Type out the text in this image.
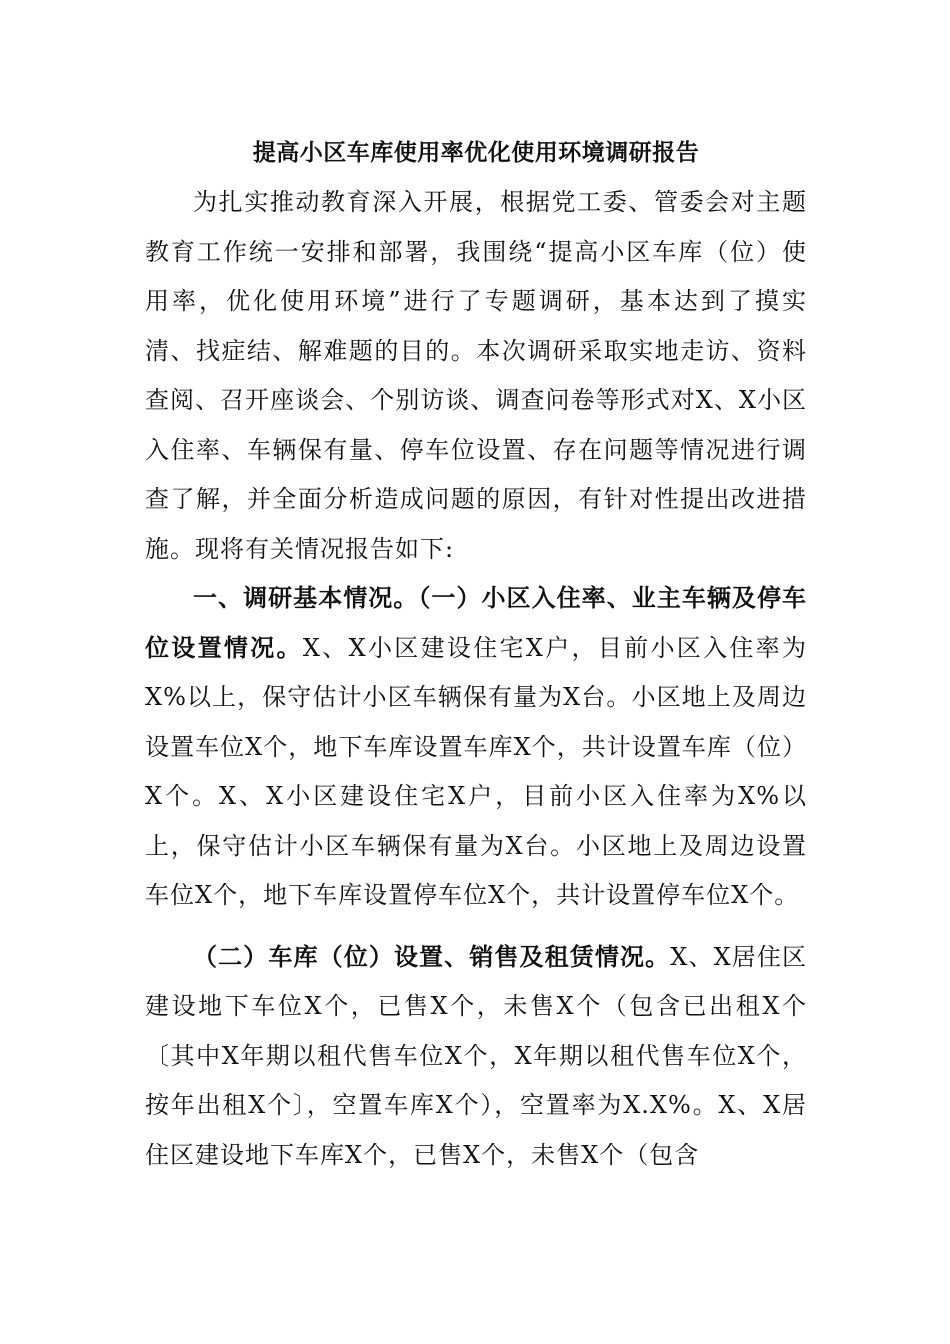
提高小区车库使用率优化使用环境调研报告

为扎实推动教育深入开展，根据党工委、管委会对主题教育工作统一安排和部署，我围绕“提高小区车库（位）使用率，优化使用环境”进行了专题调研，基本达到了摸实清、找症结、解难题的目的。本次调研采取实地走访、资料查阅、召开座谈会、个别访谈、调查问卷等形式对X、X小区入住率、车辆保有量、停车位设置、存在问题等情况进行调查了解，并全面分析造成问题的原因，有针对性提出改进措施。现将有关情况报告如下:

一、调研基本情况。（一）小区入住率、业主车辆及停车位设置情况。X、X小区建设住宅X户，目前小区入住率为X%以上，保守估计小区车辆保有量为X台。小区地上及周边设置车位X个，地下车库设置车库X个，共计设置车库（位）X个。X、X小区建设住宅X户，目前小区入住率为X%以上，保守估计小区车辆保有量为X台。小区地上及周边设置车位X个，地下车库设置停车位X个，共计设置停车位X个。

（二）车库（位）设置、销售及租赁情况。X、X居住区建设地下车位X个，已售X个，未售X个（包含已出租X个〔其中X年期以租代售车位X个，X年期以租代售车位X个，按年出租X个〕，空置车库X个），空置率为X.X%。X、X居住区建设地下车库X个，已售X个，未售X个（包含
